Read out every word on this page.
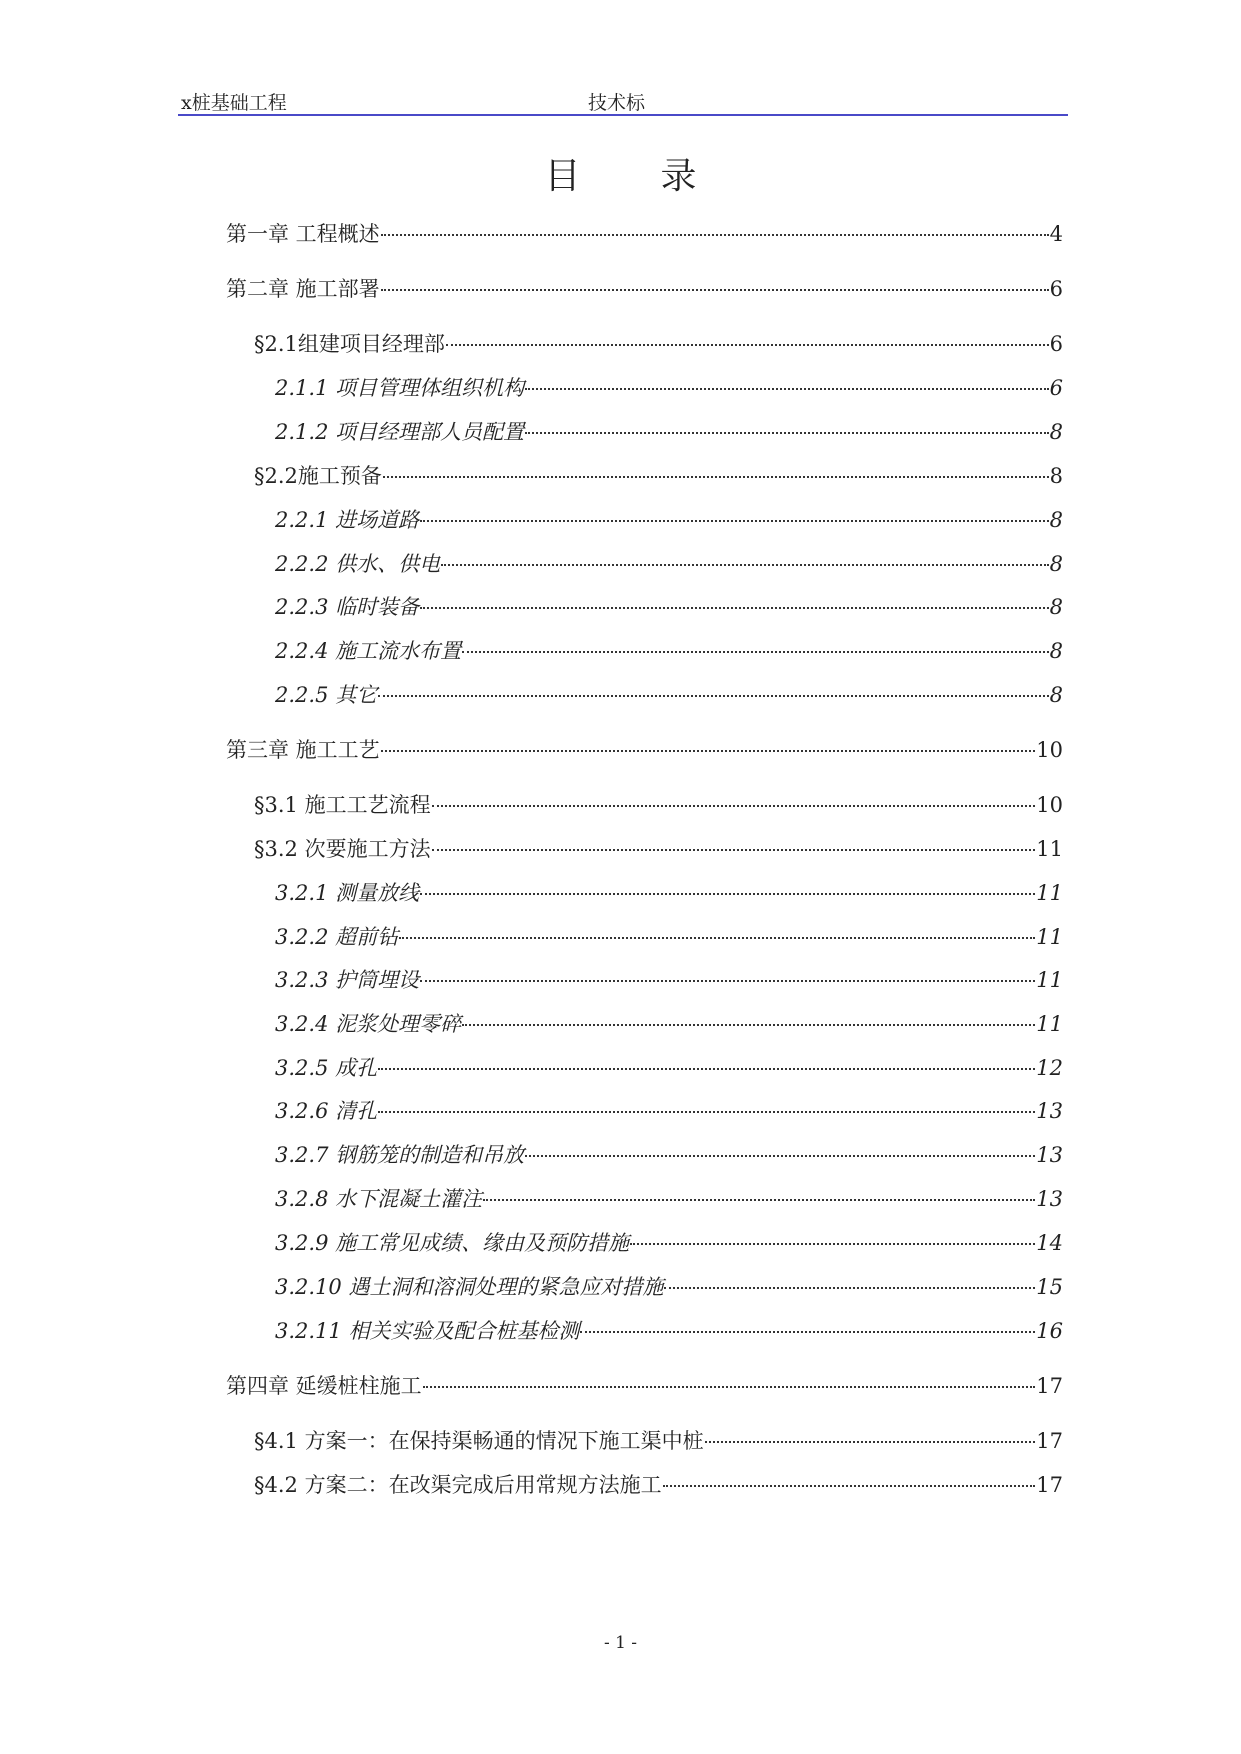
x桩基础工程	技术标
目录
第一章 工程概述	4
第二章 施工部署	6
§2.1组建项目经理部	6
2.1.1 项目管理体组织机构	6
2.1.2 项目经理部人员配置	8
§2.2施工预备	8
2.2.1 进场道路	8
2.2.2 供水、供电	8
2.2.3 临时装备	8
2.2.4 施工流水布置	8
2.2.5 其它	8
第三章 施工工艺	10
§3.1 施工工艺流程	10
§3.2 次要施工方法	11
3.2.1 测量放线	11
3.2.2 超前钻	11
3.2.3 护筒埋设	11
3.2.4 泥浆处理零碎	11
3.2.5 成孔	12
3.2.6 清孔	13
3.2.7 钢筋笼的制造和吊放	13
3.2.8 水下混凝土灌注	13
3.2.9 施工常见成绩、缘由及预防措施	14
3.2.10 遇土洞和溶洞处理的紧急应对措施	15
3.2.11 相关实验及配合桩基检测	16
第四章 延缓桩柱施工	17
§4.1 方案一：在保持渠畅通的情况下施工渠中桩	17
§4.2 方案二：在改渠完成后用常规方法施工	17
- 1 -
